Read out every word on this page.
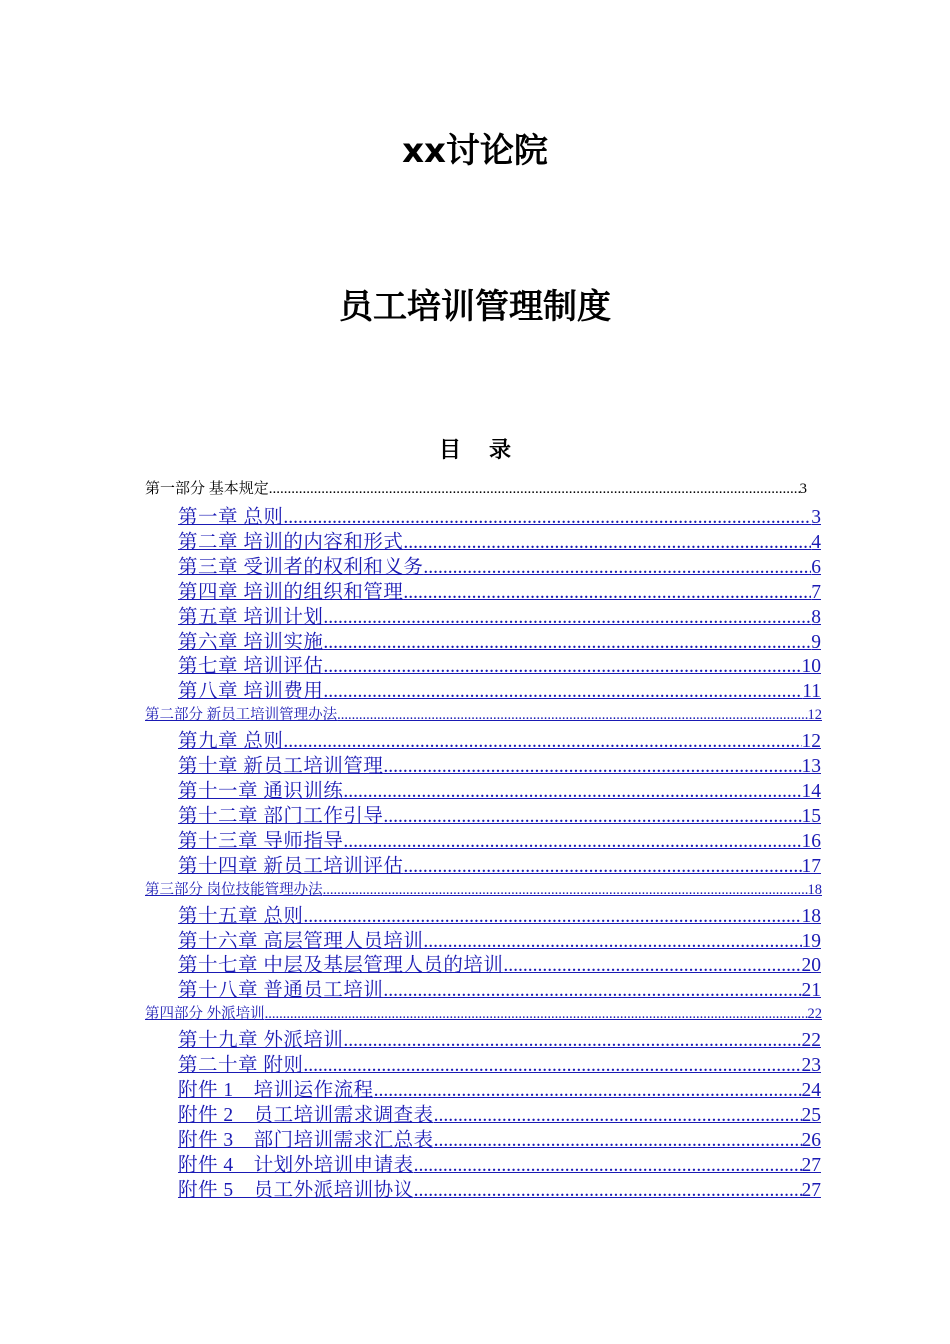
xx讨论院
员工培训管理制度
目录
第一部分 基本规定 .....	3
第一章 总则 .....	3
第二章 培训的内容和形式 .....	4
第三章 受训者的权利和义务 .....	6
第四章 培训的组织和管理 .....	7
第五章 培训计划 .....	8
第六章 培训实施 .....	9
第七章 培训评估 .....	10
第八章 培训费用 .....	11
第二部分 新员工培训管理办法 .....	12
第九章 总则 .....	12
第十章 新员工培训管理 .....	13
第十一章 通识训练 .....	14
第十二章 部门工作引导 .....	15
第十三章 导师指导 .....	16
第十四章 新员工培训评估 .....	17
第三部分 岗位技能管理办法 .....	18
第十五章 总则 .....	18
第十六章 高层管理人员培训 .....	19
第十七章 中层及基层管理人员的培训 .....	20
第十八章 普通员工培训 .....	21
第四部分 外派培训 .....	22
第十九章 外派培训 .....	22
第二十章 附则 .....	23
附件 1　培训运作流程 .....	24
附件 2　员工培训需求调查表 .....	25
附件 3　部门培训需求汇总表 .....	26
附件 4　计划外培训申请表 .....	27
附件 5　员工外派培训协议 .....	27
